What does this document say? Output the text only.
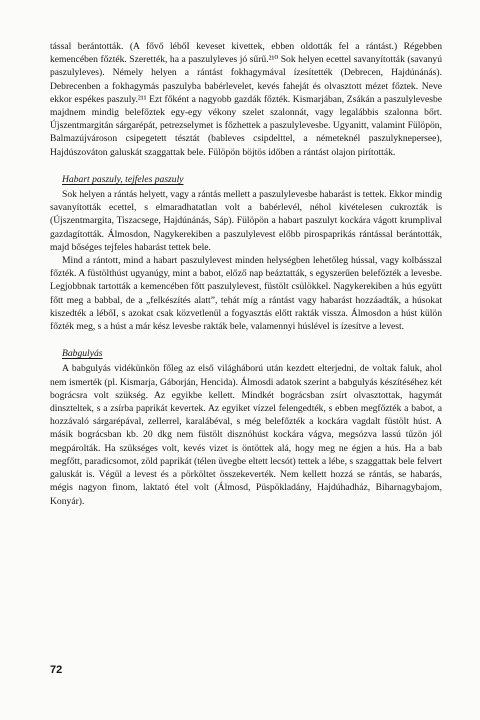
tással berántották. (A fővő lébőI keveset kivettek, ebben oldották fel a rántást.) Régebben kemencében főzték. Szerették, ha a paszulyleves jó sűrű.²¹⁰ Sok helyen ecettel savanyították (savanyú paszulyleves). Némely helyen a rántást fokhagymával ízesítették (Debrecen, Hajdúnánás). Debrecenben a fokhagymás paszulyba babérlevelet, kevés faheját és olvasztott mézet főztek. Neve ekkor espékes paszuly.²¹¹ Ezt főként a nagyobb gazdák főzték. Kismarjában, Zsákán a paszulylevesbe majdnem mindig belefőztek egy-egy vékony szelet szalonnát, vagy legalábbis szalonna bőrt. Újszentmargitán sárgarépát, petrezselymet is főzhettek a paszulylevesbe. Ugyanitt, valamint Fülöpön, Balmazújvároson csipegetett tésztát (bableves csipdelttel, a németeknél paszulyknepersee), Hajdúszováton galuskát szaggattak bele. Fülöpön böjtös időben a rántást olajon pirították.

Habart paszuly, tejfeles paszuly

Sok helyen a rántás helyett, vagy a rántás mellett a paszulylevesbe habarást is tettek. Ekkor mindig savanyították ecettel, s elmaradhatatlan volt a babérlevél, néhol kivételesen cukrozták is (Újszentmargita, Tiszacsege, Hajdúnánás, Sáp). Fülöpön a habart paszulyt kockára vágott krumplival gazdagították. Álmosdon, Nagykerekiben a paszulylevest előbb pirospaprikás rántással berántották, majd bőséges tejfeles habarást tettek bele.

Mind a rántott, mind a habart paszulylevest minden helységben lehetőleg hússal, vagy kolbásszal főzték. A füstölthúst ugyanúgy, mint a babot, előző nap beáztatták, s egyszerűen belefőzték a levesbe. Legjobbnak tartották a kemencében főtt paszulylevest, füstölt csülökkel. Nagykerekiben a hús együtt főtt meg a babbal, de a „felkészítés alatt”, tehát míg a rántást vagy habarást hozzáadták, a húsokat kiszedték a lébőI, s azokat csak közvetlenül a fogyasztás előtt rakták vissza. Álmosdon a húst külön főzték meg, s a húst a már kész levesbe rakták bele, valamennyi húslével is ízesítve a levest.

Babgulyás

A babgulyás vidékünkön főleg az első világháború után kezdett elterjedni, de voltak faluk, ahol nem ismerték (pl. Kismarja, Gáborján, Hencida). Álmosdi adatok szerint a babgulyás készítéséhez két bográcsra volt szükség. Az egyikbe kellett. Mindkét bográcsban zsírt olvasztottak, hagymát dinszteltek, s a zsírba paprikát kevertek. Az egyiket vízzel felengedték, s ebben megfőzték a babot, a hozzávaló sárgarépával, zellerrel, karalábéval, s még belefőzték a kockára vagdalt füstölt húst. A másik bográcsban kb. 20 dkg nem füstölt disznóhúst kockára vágva, megsózva lassú tűzön jól megpárolták. Ha szükséges volt, kevés vizet is öntöttek alá, hogy meg ne égjen a hús. Ha a bab megfőtt, paradicsomot, zöld paprikát (télen üvegbe eltett lecsót) tettek a lébe, s szaggattak bele felvert galuskát is. Végül a levest és a pörköltet összekeverték. Nem kellett hozzá se rántás, se habarás, mégis nagyon finom, laktató étel volt (Álmosd, Püspökladány, Hajdúhadház, Biharnagybajom, Konyár).

72
